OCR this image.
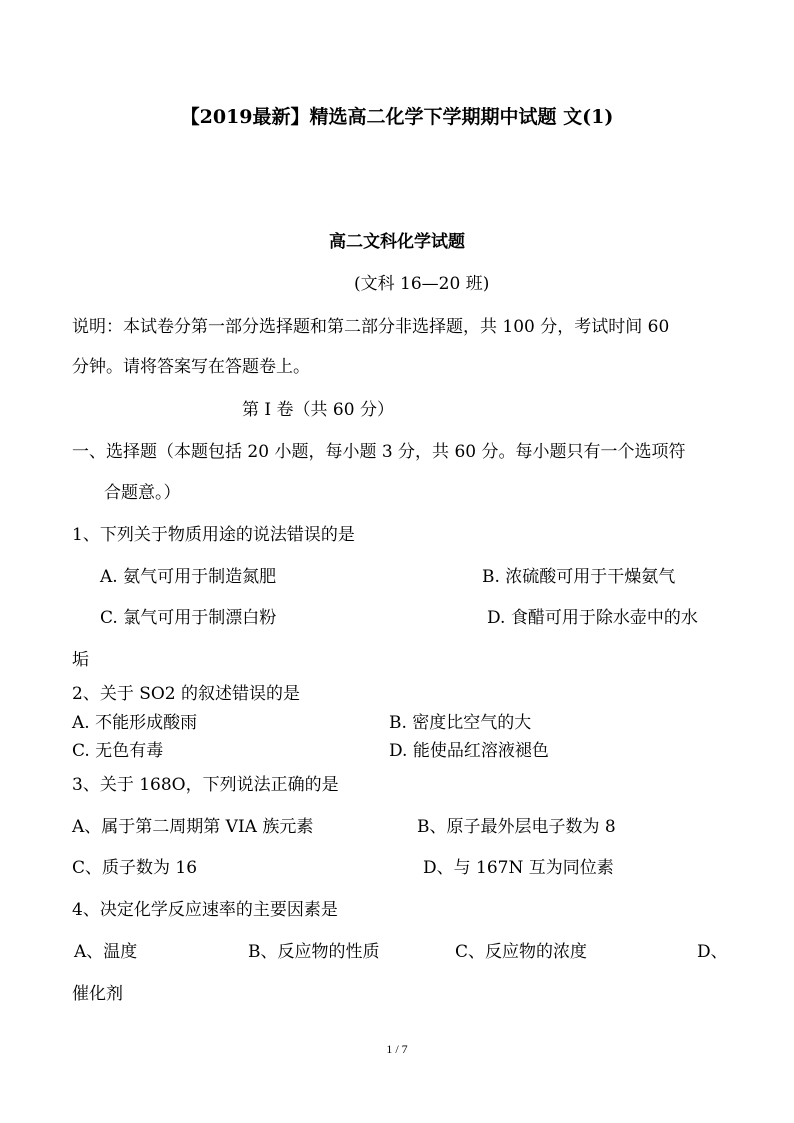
【2019最新】精选高二化学下学期期中试题 文(1)
高二文科化学试题
(文科 16—20 班)
说明：本试卷分第一部分选择题和第二部分非选择题，共 100 分，考试时间 60
分钟。请将答案写在答题卷上。
第 I 卷（共 60 分）
一、选择题（本题包括 20 小题，每小题 3 分，共 60 分。每小题只有一个选项符
合题意。）
1、下列关于物质用途的说法错误的是
A. 氨气可用于制造氮肥	B. 浓硫酸可用于干燥氨气
C. 氯气可用于制漂白粉	D. 食醋可用于除水壶中的水
垢
2、关于 SO2 的叙述错误的是
A. 不能形成酸雨	B. 密度比空气的大
C. 无色有毒	D. 能使品红溶液褪色
3、关于 168O，下列说法正确的是
A、属于第二周期第 VIA 族元素	B、原子最外层电子数为 8
C、质子数为 16	D、与 167N 互为同位素
4、决定化学反应速率的主要因素是
A、温度	B、反应物的性质	C、反应物的浓度	D、
催化剂
1 / 7
